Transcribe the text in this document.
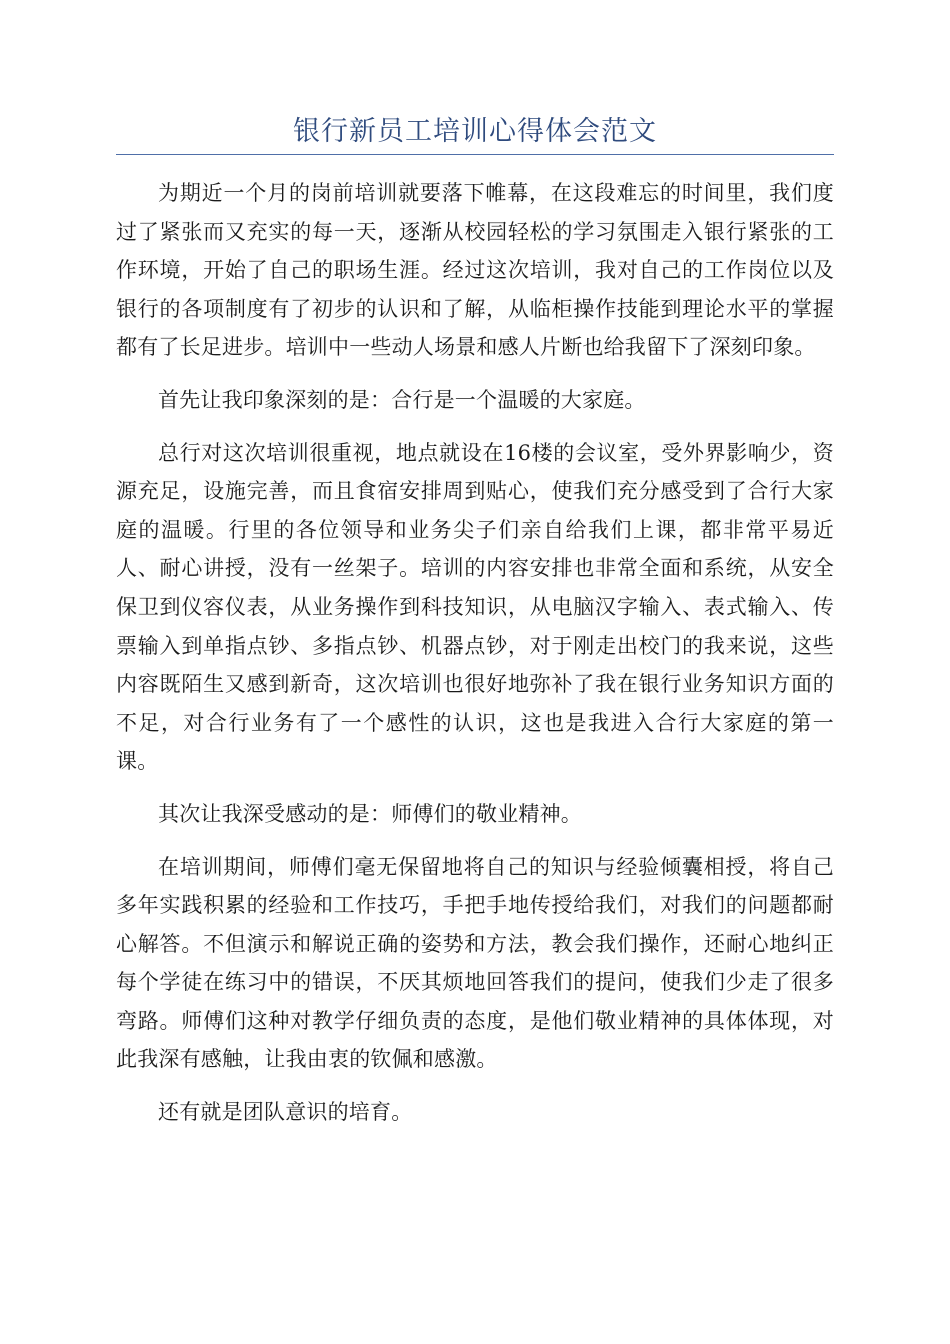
银行新员工培训心得体会范文

为期近一个月的岗前培训就要落下帷幕，在这段难忘的时间里，我们度过了紧张而又充实的每一天，逐渐从校园轻松的学习氛围走入银行紧张的工作环境，开始了自己的职场生涯。经过这次培训，我对自己的工作岗位以及银行的各项制度有了初步的认识和了解，从临柜操作技能到理论水平的掌握都有了长足进步。培训中一些动人场景和感人片断也给我留下了深刻印象。

首先让我印象深刻的是：合行是一个温暖的大家庭。

总行对这次培训很重视，地点就设在16楼的会议室，受外界影响少，资源充足，设施完善，而且食宿安排周到贴心，使我们充分感受到了合行大家庭的温暖。行里的各位领导和业务尖子们亲自给我们上课，都非常平易近人、耐心讲授，没有一丝架子。培训的内容安排也非常全面和系统，从安全保卫到仪容仪表，从业务操作到科技知识，从电脑汉字输入、表式输入、传票输入到单指点钞、多指点钞、机器点钞，对于刚走出校门的我来说，这些内容既陌生又感到新奇，这次培训也很好地弥补了我在银行业务知识方面的不足，对合行业务有了一个感性的认识，这也是我进入合行大家庭的第一课。

其次让我深受感动的是：师傅们的敬业精神。

在培训期间，师傅们毫无保留地将自己的知识与经验倾囊相授，将自己多年实践积累的经验和工作技巧，手把手地传授给我们，对我们的问题都耐心解答。不但演示和解说正确的姿势和方法，教会我们操作，还耐心地纠正每个学徒在练习中的错误，不厌其烦地回答我们的提问，使我们少走了很多弯路。师傅们这种对教学仔细负责的态度，是他们敬业精神的具体体现，对此我深有感触，让我由衷的钦佩和感激。

还有就是团队意识的培育。
